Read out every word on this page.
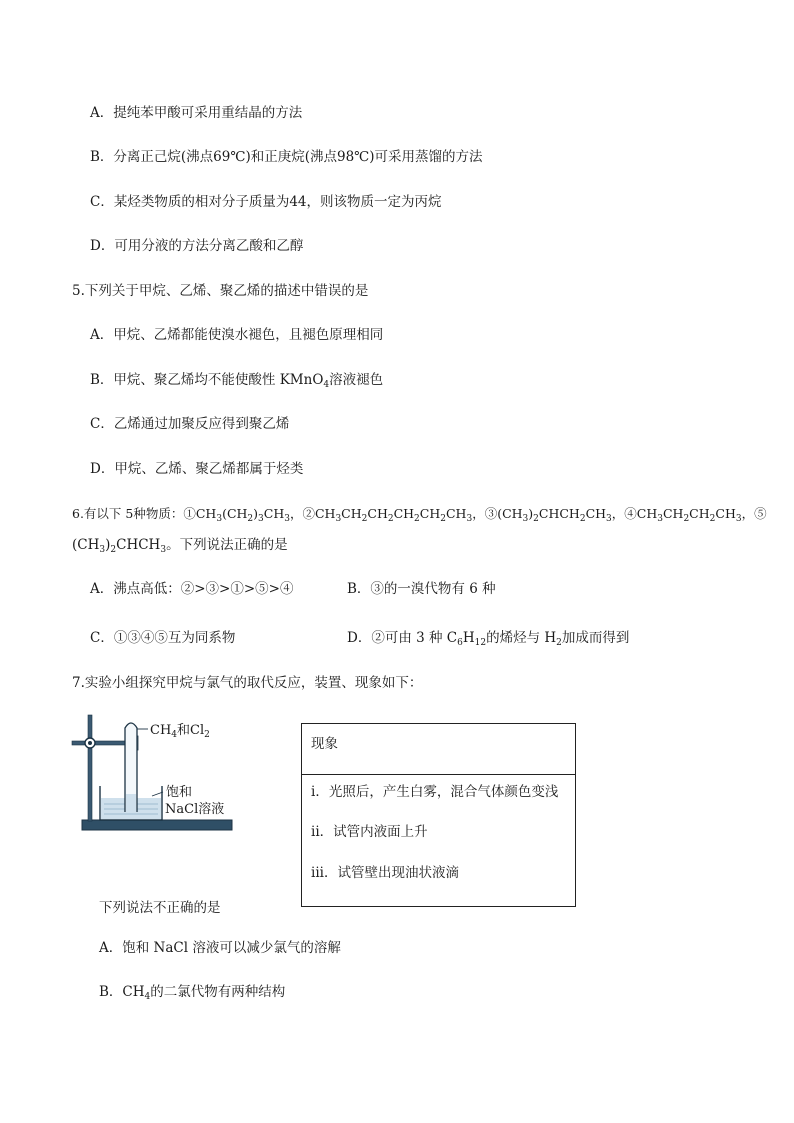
A．提纯苯甲酸可采用重结晶的方法
B．分离正己烷(沸点69℃)和正庚烷(沸点98℃)可采用蒸馏的方法
C．某烃类物质的相对分子质量为44，则该物质一定为丙烷
D．可用分液的方法分离乙酸和乙醇
5.下列关于甲烷、乙烯、聚乙烯的描述中错误的是
A．甲烷、乙烯都能使溴水褪色，且褪色原理相同
B．甲烷、聚乙烯均不能使酸性 KMnO$_4$溶液褪色
C．乙烯通过加聚反应得到聚乙烯
D．甲烷、乙烯、聚乙烯都属于烃类
6.有以下 5种物质：$①CH_3(CH_2)_3CH_3$，$②CH_3CH_2CH_2CH_2CH_2CH_3$，$③(CH_3)_2CHCH_2CH_3$，$④CH_3CH_2CH_2CH_3$，⑤
$(CH_3)_2CHCH_3$。下列说法正确的是
A．沸点高低：②>③>①>⑤>④	B．③的一溴代物有 6 种
C．①③④⑤互为同系物	D．②可由 3 种 $C_6H_{12}$的烯烃与 $H_2$加成而得到
7.实验小组探究甲烷与氯气的取代反应，装置、现象如下：
$CH_4$和$Cl_2$
饱和
NaCl溶液
现象
i．光照后，产生白雾，混合气体颜色变浅
ii．试管内液面上升
iii．试管壁出现油状液滴
下列说法不正确的是
A．饱和 NaCl 溶液可以减少氯气的溶解
B．$CH_4$的二氯代物有两种结构
